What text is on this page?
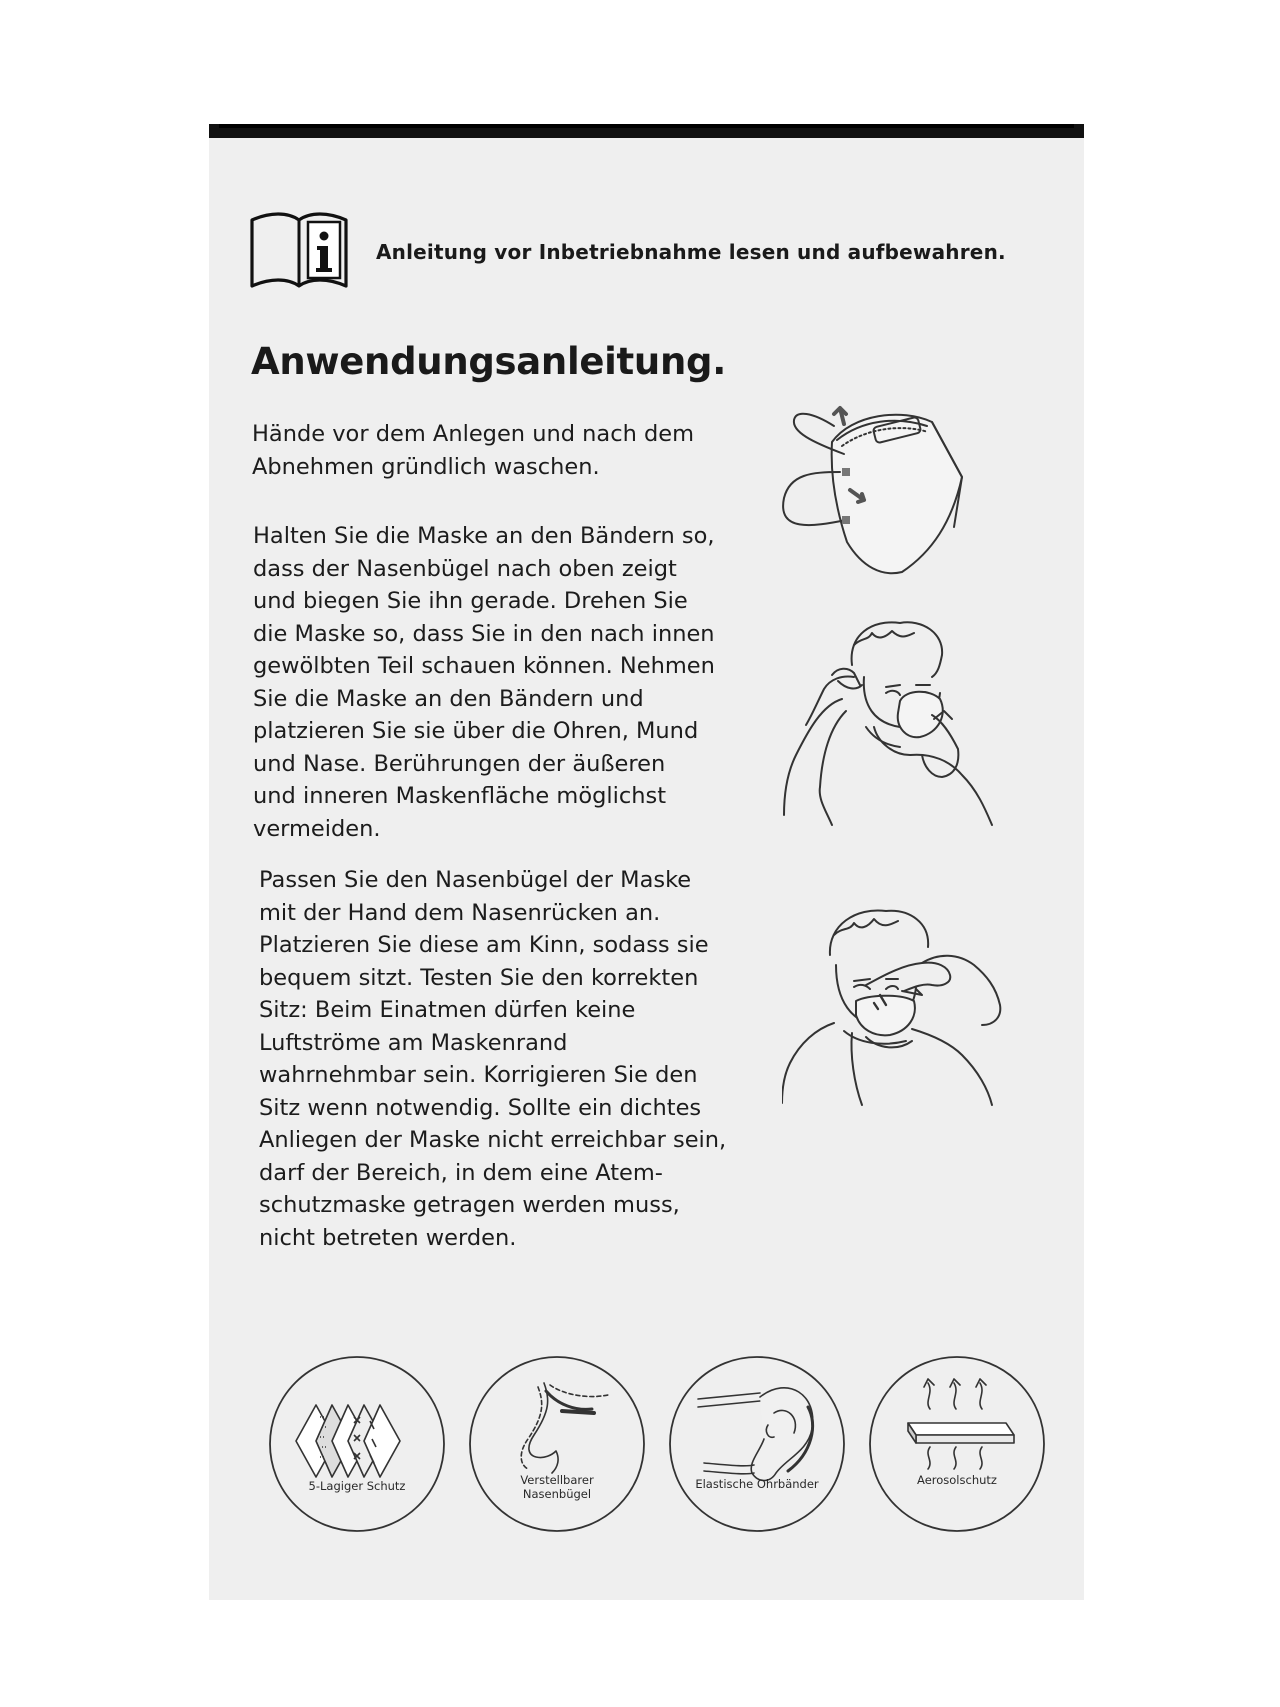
Anleitung vor Inbetriebnahme lesen und aufbewahren.
Anwendungsanleitung.
Hände vor dem Anlegen und nach dem
Abnehmen gründlich waschen.
Halten Sie die Maske an den Bändern so,
dass der Nasenbügel nach oben zeigt
und biegen Sie ihn gerade. Drehen Sie
die Maske so, dass Sie in den nach innen
gewölbten Teil schauen können. Nehmen
Sie die Maske an den Bändern und
platzieren Sie sie über die Ohren, Mund
und Nase. Berührungen der äußeren
und inneren Maskenfläche möglichst
vermeiden.
Passen Sie den Nasenbügel der Maske
mit der Hand dem Nasenrücken an.
Platzieren Sie diese am Kinn, sodass sie
bequem sitzt. Testen Sie den korrekten
Sitz: Beim Einatmen dürfen keine
Luftströme am Maskenrand
wahrnehmbar sein. Korrigieren Sie den
Sitz wenn notwendig. Sollte ein dichtes
Anliegen der Maske nicht erreichbar sein,
darf der Bereich, in dem eine Atem-
schutzmaske getragen werden muss,
nicht betreten werden.
5-Lagiger Schutz	Verstellbarer
Nasenbügel
Elastische Ohrbänder	Aerosolschutz
